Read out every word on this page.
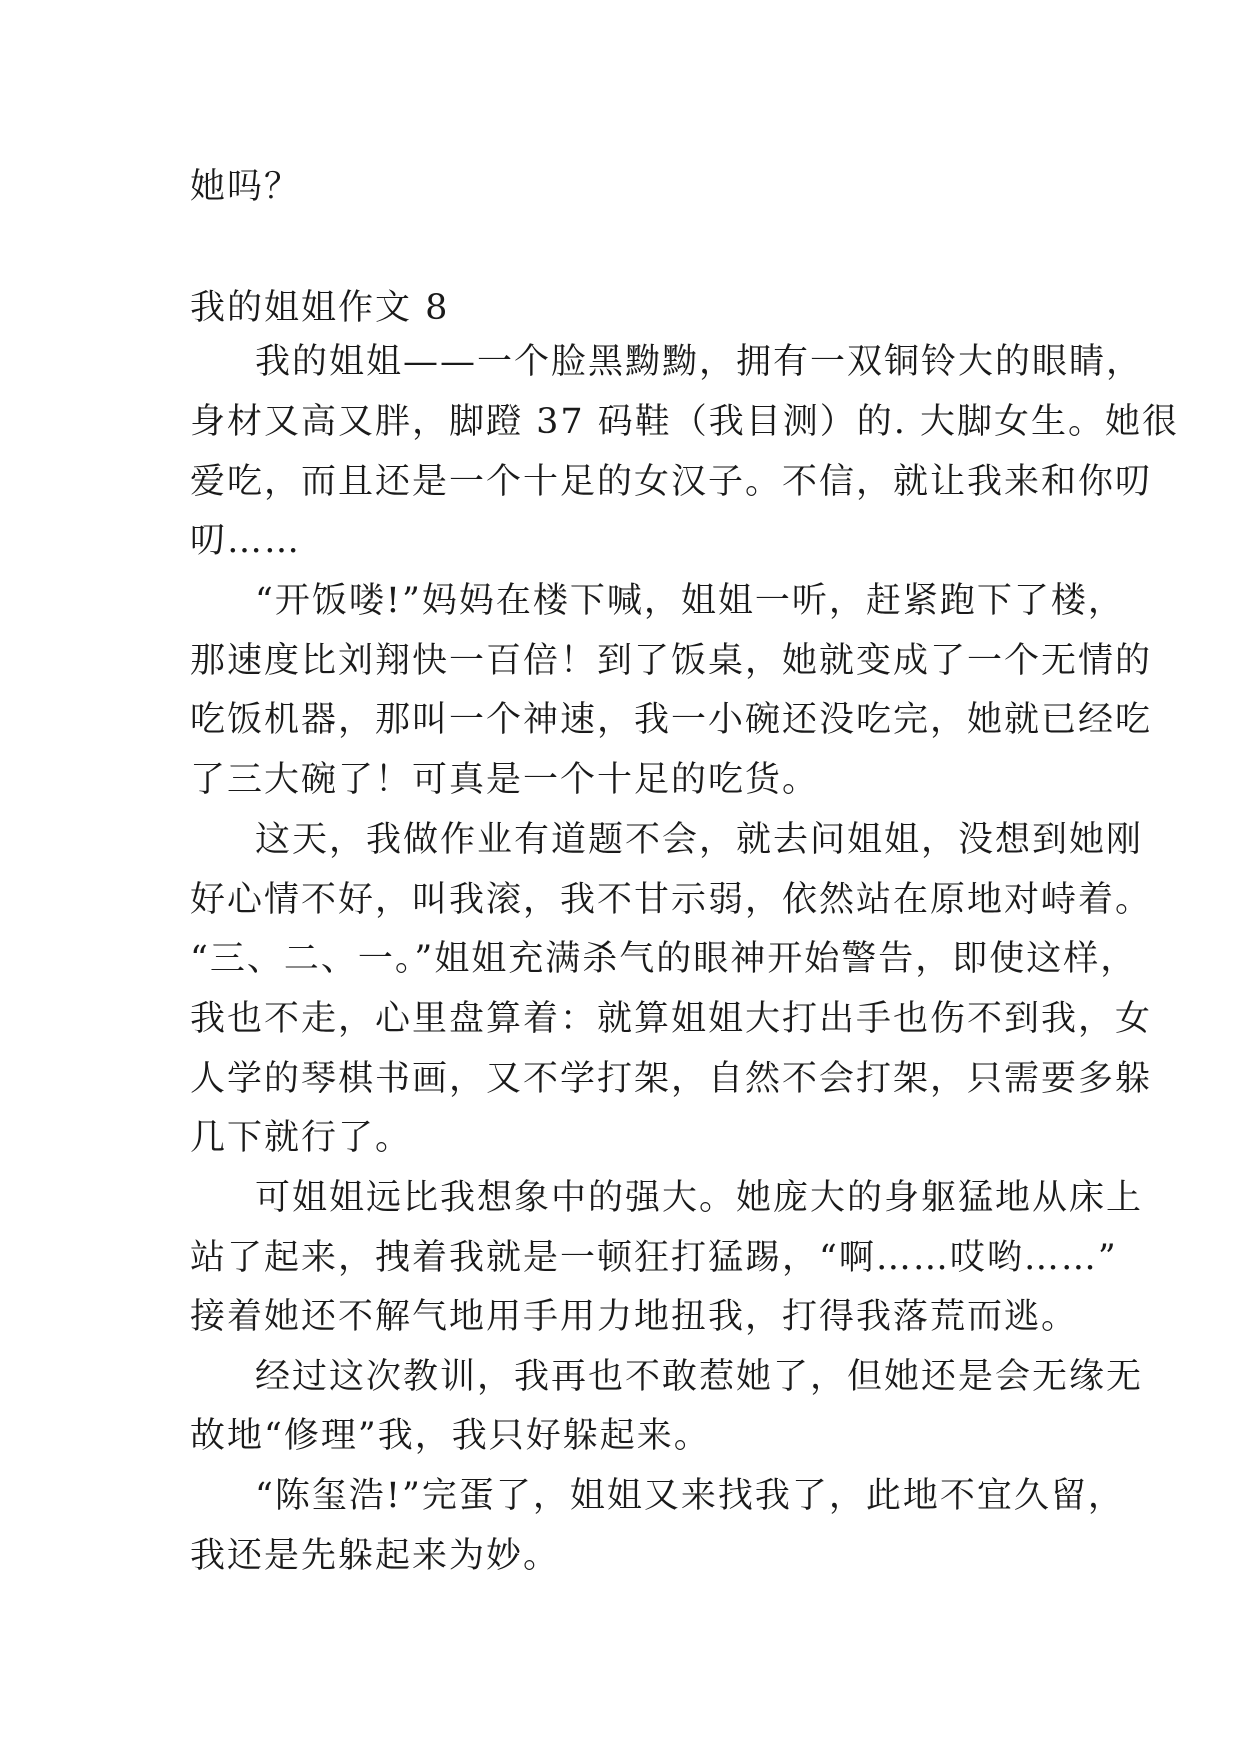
她吗？

我的姐姐作文 8

我的姐姐——一个脸黑黝黝，拥有一双铜铃大的眼睛，

身材又高又胖，脚蹬 37 码鞋（我目测）的. 大脚女生。她很

爱吃，而且还是一个十足的女汉子。不信，就让我来和你叨

叨……

“开饭喽!”妈妈在楼下喊，姐姐一听，赶紧跑下了楼，

那速度比刘翔快一百倍！到了饭桌，她就变成了一个无情的

吃饭机器，那叫一个神速，我一小碗还没吃完，她就已经吃

了三大碗了！可真是一个十足的吃货。

这天，我做作业有道题不会，就去问姐姐，没想到她刚

好心情不好，叫我滚，我不甘示弱，依然站在原地对峙着。

“三、二、一。”姐姐充满杀气的眼神开始警告，即使这样，

我也不走，心里盘算着：就算姐姐大打出手也伤不到我，女

人学的琴棋书画，又不学打架，自然不会打架，只需要多躲

几下就行了。

可姐姐远比我想象中的强大。她庞大的身躯猛地从床上

站了起来，拽着我就是一顿狂打猛踢，“啊……哎哟……”

接着她还不解气地用手用力地扭我，打得我落荒而逃。

经过这次教训，我再也不敢惹她了，但她还是会无缘无

故地“修理”我，我只好躲起来。

“陈玺浩!”完蛋了，姐姐又来找我了，此地不宜久留，

我还是先躲起来为妙。
